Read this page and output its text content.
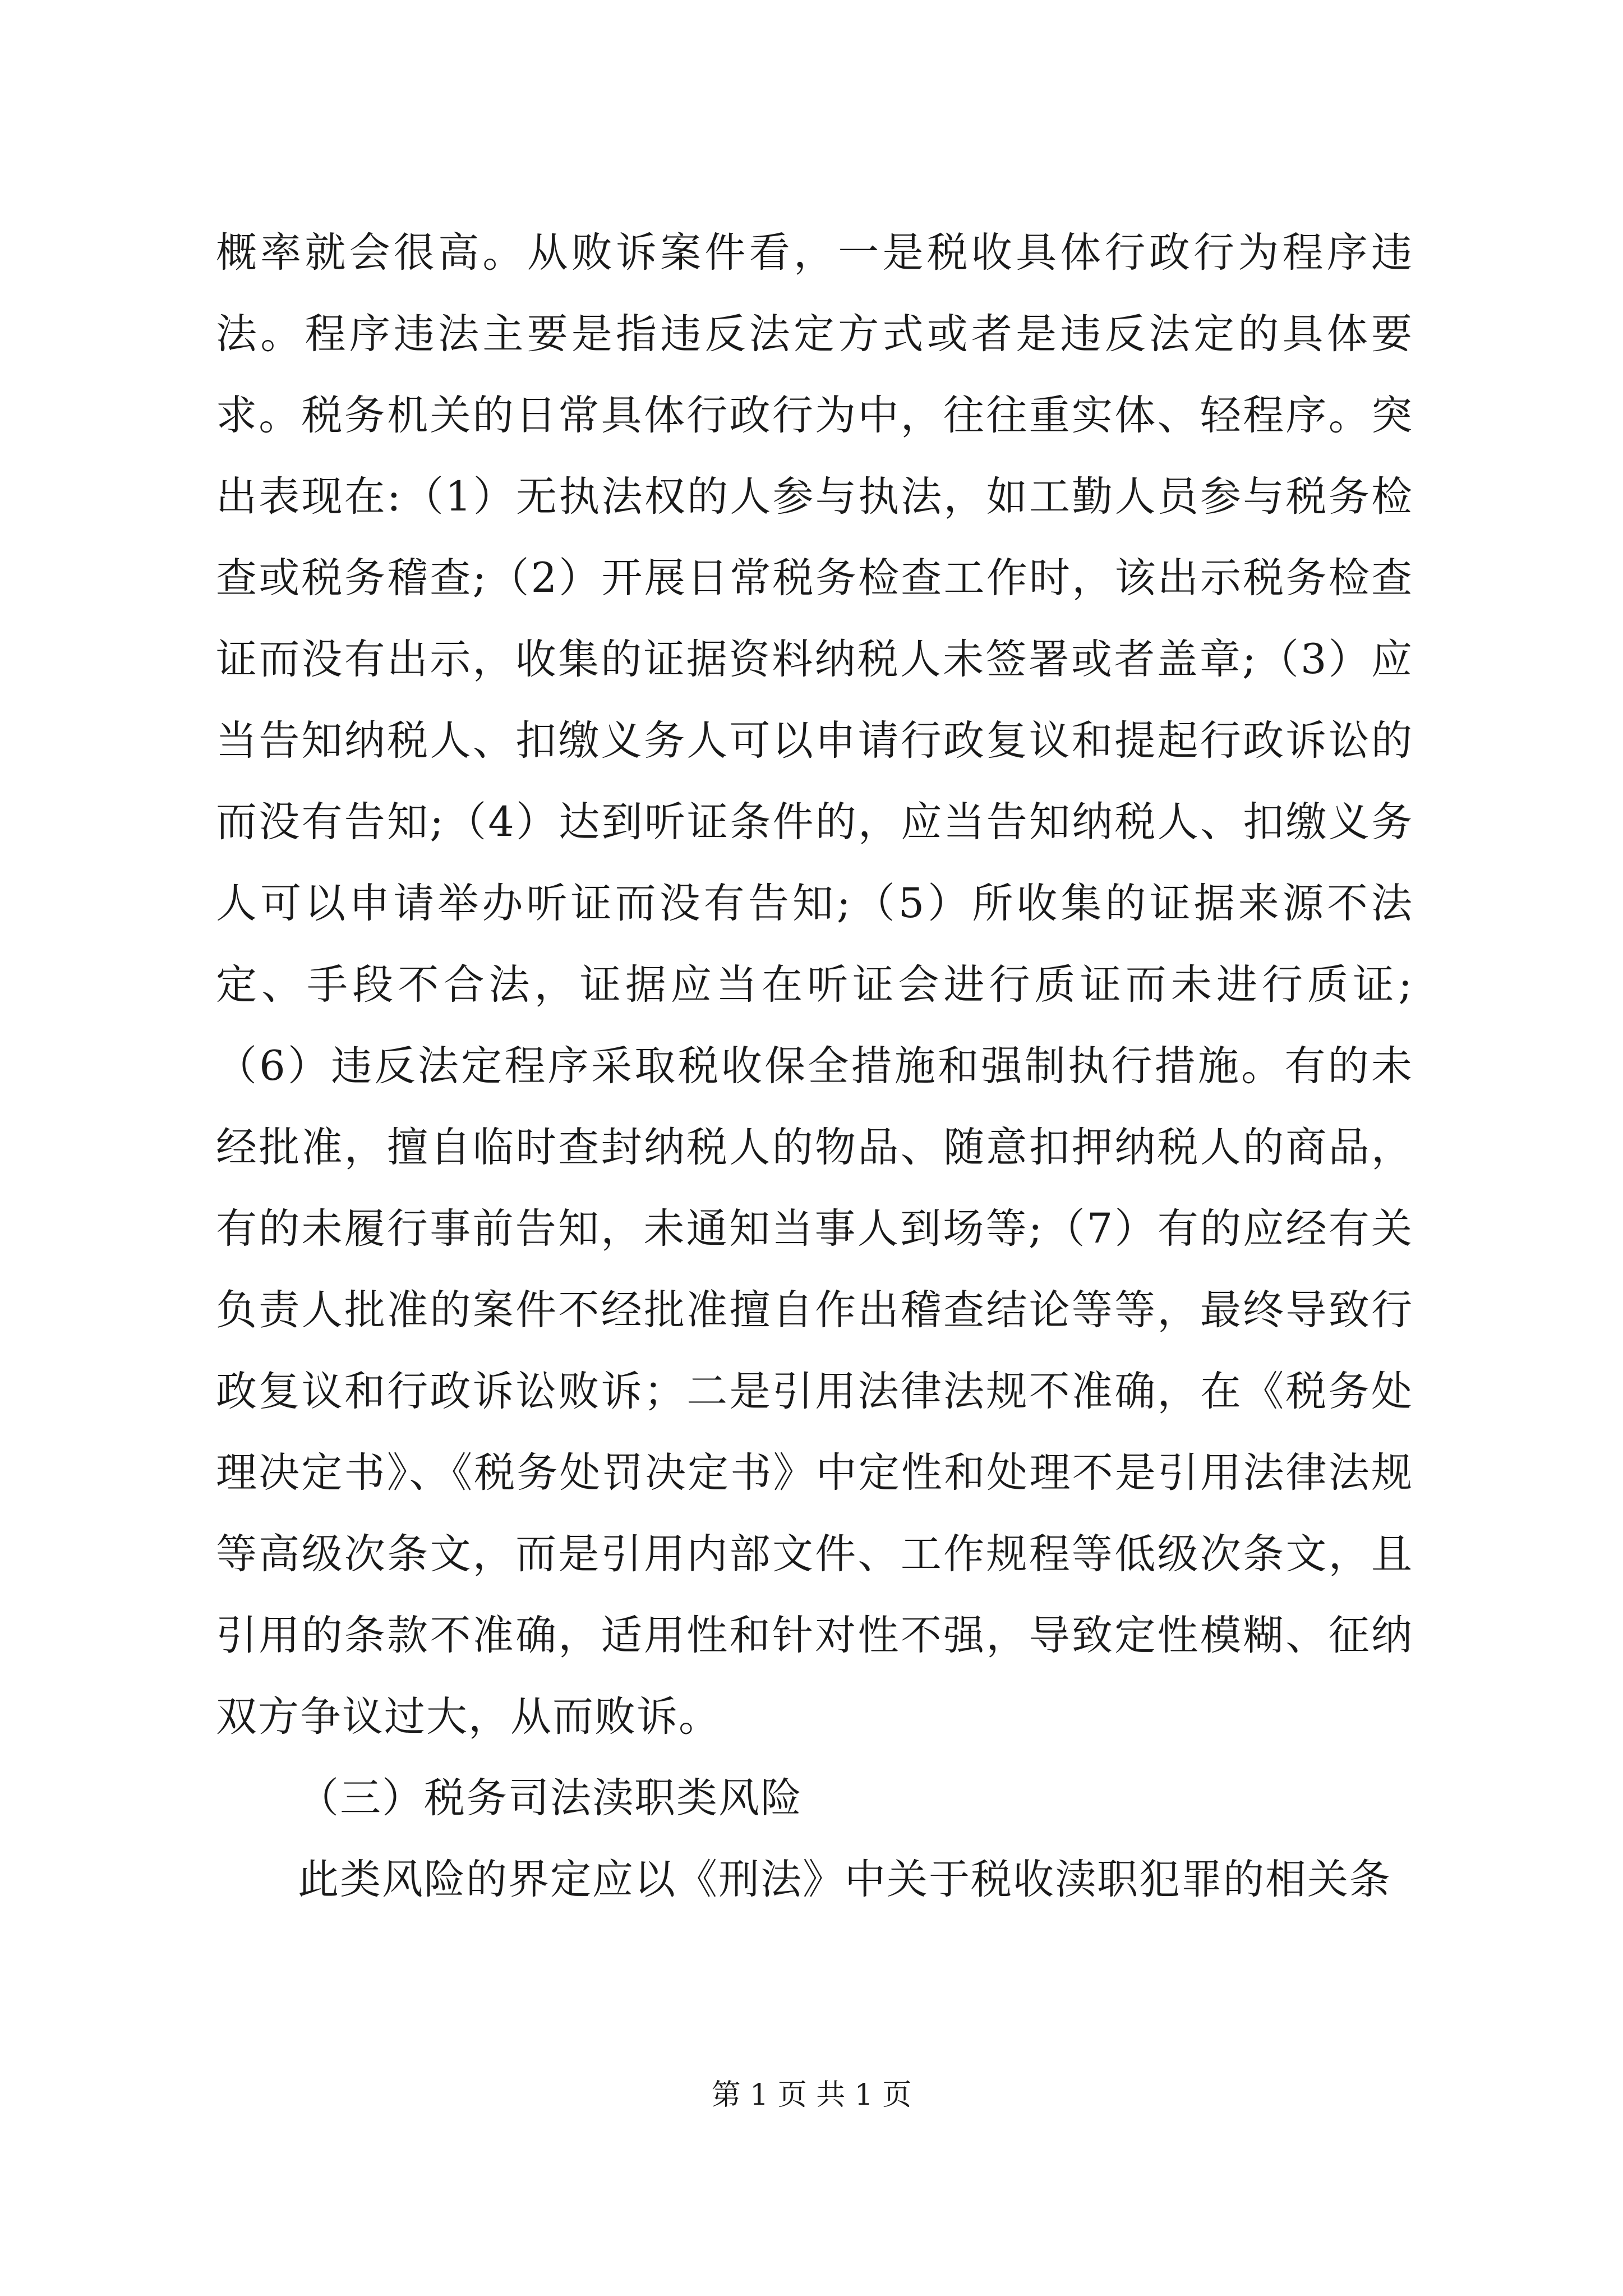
概率就会很高。从败诉案件看，一是税收具体行政行为程序违法。程序违法主要是指违反法定方式或者是违反法定的具体要求。税务机关的日常具体行政行为中，往往重实体、轻程序。突出表现在:（1）无执法权的人参与执法，如工勤人员参与税务检查或税务稽查;（2）开展日常税务检查工作时，该出示税务检查证而没有出示，收集的证据资料纳税人未签署或者盖章;（3）应当告知纳税人、扣缴义务人可以申请行政复议和提起行政诉讼的而没有告知;（4）达到听证条件的，应当告知纳税人、扣缴义务人可以申请举办听证而没有告知;（5）所收集的证据来源不法定、手段不合法，证据应当在听证会进行质证而未进行质证;（6）违反法定程序采取税收保全措施和强制执行措施。有的未经批准，擅自临时查封纳税人的物品、随意扣押纳税人的商品，有的未履行事前告知，未通知当事人到场等;（7）有的应经有关负责人批准的案件不经批准擅自作出稽查结论等等，最终导致行政复议和行政诉讼败诉；二是引用法律法规不准确，在《税务处理决定书》、《税务处罚决定书》中定性和处理不是引用法律法规等高级次条文，而是引用内部文件、工作规程等低级次条文，且引用的条款不准确，适用性和针对性不强，导致定性模糊、征纳双方争议过大，从而败诉。

（三）税务司法渎职类风险

此类风险的界定应以《刑法》中关于税收渎职犯罪的相关条

第 1 页 共 1 页
